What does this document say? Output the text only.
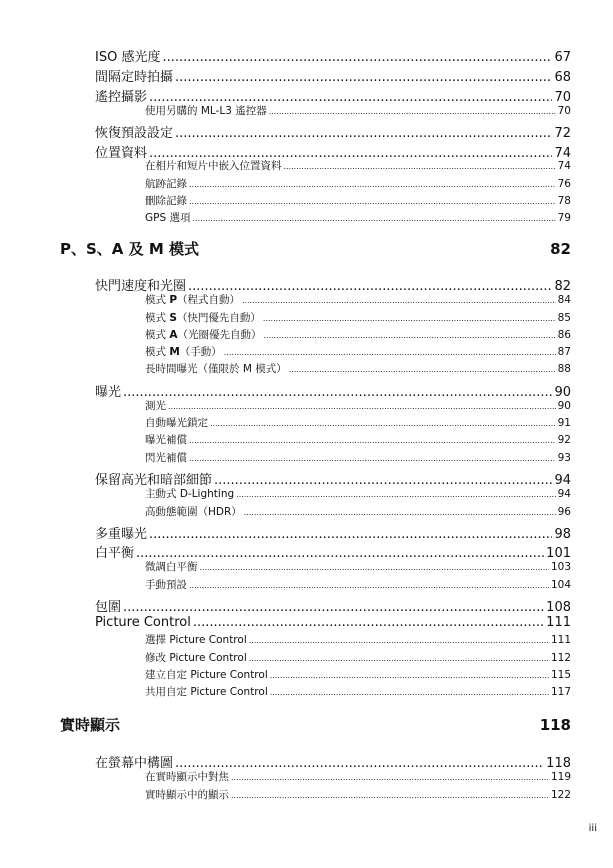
ISO 感光度 .....	67
間隔定時拍攝 .....	68
遙控攝影 .....	70
使用另購的 ML-L3 遙控器 .....	70
恢復預設設定 .....	72
位置資料 .....	74
在相片和短片中嵌入位置資料 .....	74
航跡記錄 .....	76
刪除記錄 .....	78
GPS 選項 .....	79
P、S、A 及 M 模式	82
快門速度和光圈 .....	82
模式 P（程式自動） .....	84
模式 S（快門優先自動） .....	85
模式 A（光圈優先自動） .....	86
模式 M（手動） .....	87
長時間曝光（僅限於 M 模式） .....	88
曝光 .....	90
測光 .....	90
自動曝光鎖定 .....	91
曝光補償 .....	92
閃光補償 .....	93
保留高光和暗部細節 .....	94
主動式 D-Lighting .....	94
高動態範圍（HDR） .....	96
多重曝光 .....	98
白平衡 .....	101
微調白平衡 .....	103
手動預設 .....	104
包圍 .....	108
Picture Control .....	111
選擇 Picture Control .....	111
修改 Picture Control .....	112
建立自定 Picture Control .....	115
共用自定 Picture Control .....	117
實時顯示	118
在螢幕中構圖 .....	118
在實時顯示中對焦 .....	119
實時顯示中的顯示 .....	122
iii
